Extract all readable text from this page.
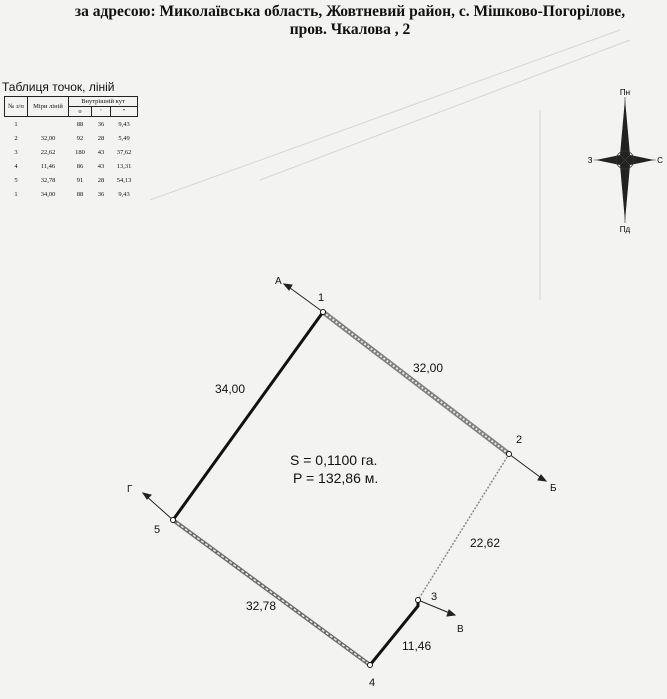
за адресою: Миколаївська область, Жовтневий район, с. Мішково-Погорілове,
пров. Чкалова , 2
Таблиця точок, ліній
№ з/п	Міри ліній	Внутрішній кут		
		о	'	"
1		88	36	9,43
2	32,00	92	28	5,49
3	22,62	180	43	37,62
4	11,46	86	43	13,31
5	32,78	91	28	54,13
1	34,00	88	36	9,43
Пн
Пд
З	С
1
2
3
4
5
А
Б
В
Г
32,00
22,62
11,46
32,78
34,00
S = 0,1100 га.
P = 132,86 м.
